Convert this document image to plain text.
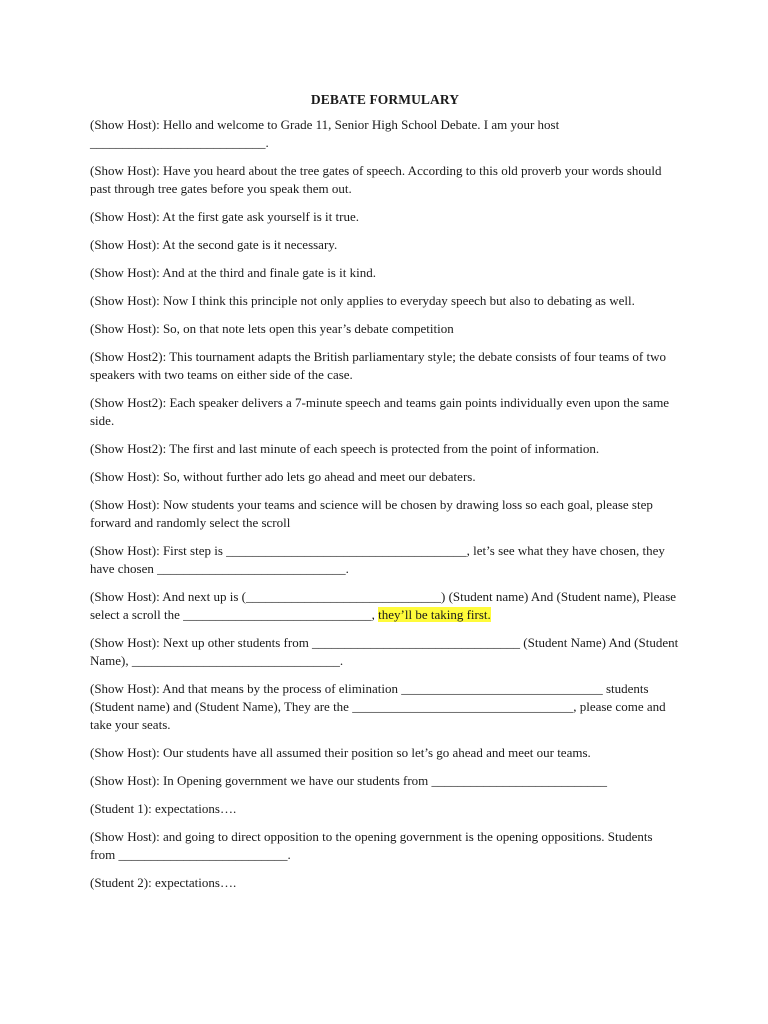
DEBATE FORMULARY

(Show Host): Hello and welcome to Grade 11, Senior High School Debate. I am your host ___________________________.

(Show Host): Have you heard about the tree gates of speech. According to this old proverb your words should past through tree gates before you speak them out.

(Show Host): At the first gate ask yourself is it true.

(Show Host): At the second gate is it necessary.

(Show Host): And at the third and finale gate is it kind.

(Show Host): Now I think this principle not only applies to everyday speech but also to debating as well.

(Show Host): So, on that note lets open this year’s debate competition

(Show Host2): This tournament adapts the British parliamentary style; the debate consists of four teams of two speakers with two teams on either side of the case.

(Show Host2): Each speaker delivers a 7-minute speech and teams gain points individually even upon the same side.

(Show Host2): The first and last minute of each speech is protected from the point of information.

(Show Host): So, without further ado lets go ahead and meet our debaters.

(Show Host): Now students your teams and science will be chosen by drawing loss so each goal, please step forward and randomly select the scroll

(Show Host): First step is _____________________________________, let’s see what they have chosen, they have chosen _____________________________.

(Show Host): And next up is (______________________________) (Student name) And (Student name), Please select a scroll the _____________________________, they’ll be taking first.

(Show Host): Next up other students from ________________________________ (Student Name) And (Student Name), ________________________________.

(Show Host): And that means by the process of elimination _______________________________ students (Student name) and (Student Name), They are the __________________________________, please come and take your seats.

(Show Host): Our students have all assumed their position so let’s go ahead and meet our teams.

(Show Host): In Opening government we have our students from ___________________________

(Student 1): expectations….

(Show Host): and going to direct opposition to the opening government is the opening oppositions. Students from __________________________.

(Student 2): expectations….
